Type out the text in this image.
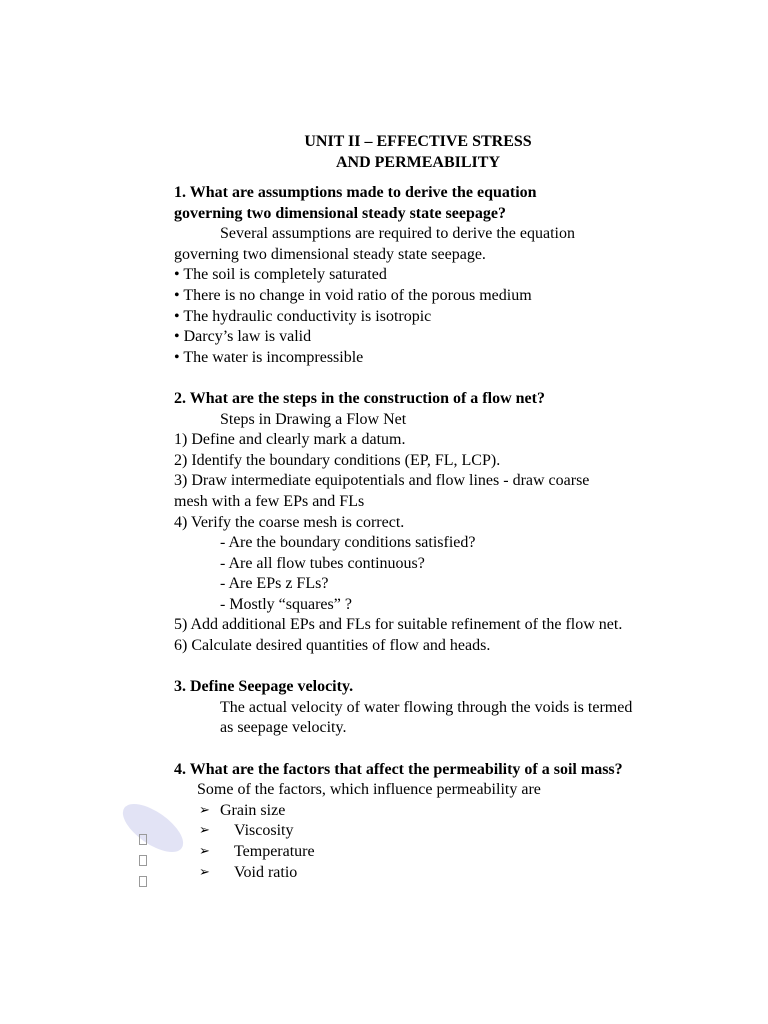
UNIT II – EFFECTIVE STRESS
AND PERMEABILITY
1. What are assumptions made to derive the equation
governing two dimensional steady state seepage?
Several assumptions are required to derive the equation
governing two dimensional steady state seepage.
• The soil is completely saturated
• There is no change in void ratio of the porous medium
• The hydraulic conductivity is isotropic
• Darcy’s law is valid
• The water is incompressible
2. What are the steps in the construction of a flow net?
Steps in Drawing a Flow Net
1) Define and clearly mark a datum.
2) Identify the boundary conditions (EP, FL, LCP).
3) Draw intermediate equipotentials and flow lines - draw coarse
mesh with a few EPs and FLs
4) Verify the coarse mesh is correct.
- Are the boundary conditions satisfied?
- Are all flow tubes continuous?
- Are EPs z FLs?
- Mostly “squares” ?
5) Add additional EPs and FLs for suitable refinement of the flow net.
6) Calculate desired quantities of flow and heads.
3. Define Seepage velocity.
The actual velocity of water flowing through the voids is termed
as seepage velocity.
4. What are the factors that affect the permeability of a soil mass?
Some of the factors, which influence permeability are
➢ Grain size
➢ Viscosity
➢ Temperature
➢ Void ratio
